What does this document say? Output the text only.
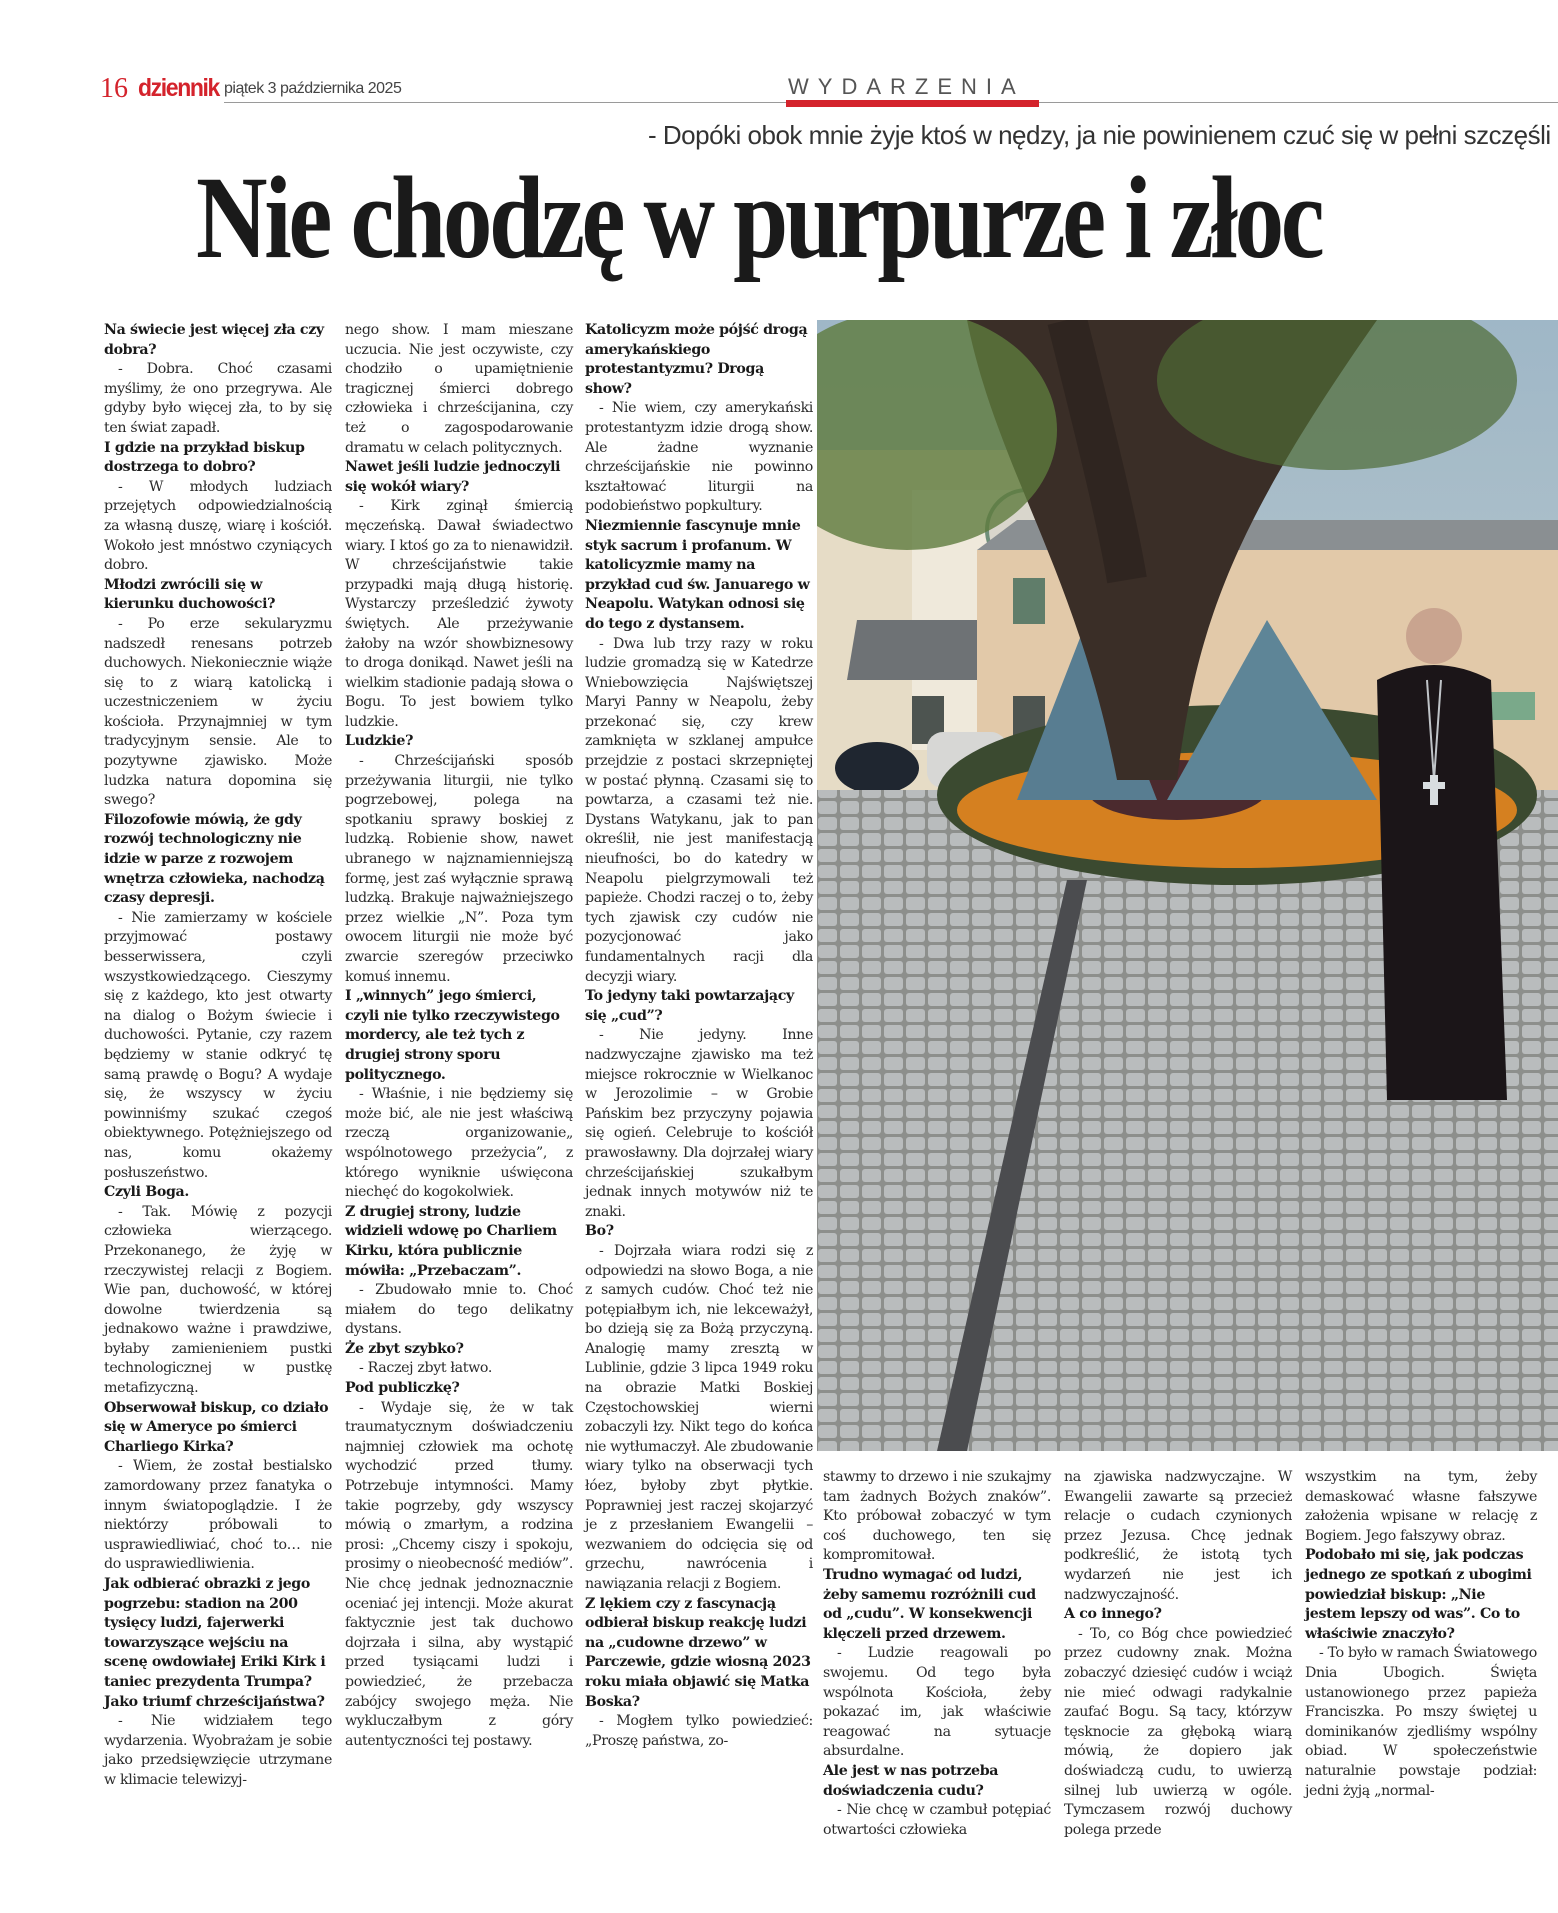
16 dziennik piątek 3 października 2025	WYDARZENIA
- Dopóki obok mnie żyje ktoś w nędzy, ja nie powinienem czuć się w pełni szczęśli
Nie chodzę w purpurze i złoc

Na świecie jest więcej zła czy dobra?

- Dobra. Choć czasami myślimy, że ono przegrywa. Ale gdyby było więcej zła, to by się ten świat zapadł.

I gdzie na przykład biskup dostrzega to dobro?

- W młodych ludziach przejętych odpowiedzialnością za własną duszę, wiarę i kościół. Wokoło jest mnóstwo czyniących dobro.

Młodzi zwrócili się w kierunku duchowości?

- Po erze sekularyzmu nadszedł renesans potrzeb duchowych. Niekoniecznie wiąże się to z wiarą katolicką i uczestniczeniem w życiu kościoła. Przynajmniej w tym tradycyjnym sensie. Ale to pozytywne zjawisko. Może ludzka natura dopomina się swego?

Filozofowie mówią, że gdy rozwój technologiczny nie idzie w parze z rozwojem wnętrza człowieka, nachodzą czasy depresji.

- Nie zamierzamy w kościele przyjmować postawy besserwissera, czyli wszystkowiedzącego. Cieszymy się z każdego, kto jest otwarty na dialog o Bożym świecie i duchowości. Pytanie, czy razem będziemy w stanie odkryć tę samą prawdę o Bogu? A wydaje się, że wszyscy w życiu powinniśmy szukać czegoś obiektywnego. Potężniejszego od nas, komu okażemy posłuszeństwo.

Czyli Boga.

- Tak. Mówię z pozycji człowieka wierzącego. Przekonanego, że żyję w rzeczywistej relacji z Bogiem. Wie pan, duchowość, w której dowolne twierdzenia są jednakowo ważne i prawdziwe, byłaby zamienieniem pustki technologicznej w pustkę metafizyczną.

Obserwował biskup, co działo się w Ameryce po śmierci Charliego Kirka?

- Wiem, że został bestialsko zamordowany przez fanatyka o innym światopoglądzie. I że niektórzy próbowali to usprawiedliwiać, choć to… nie do usprawiedliwienia.

Jak odbierać obrazki z jego pogrzebu: stadion na 200 tysięcy ludzi, fajerwerki towarzyszące wejściu na scenę owdowiałej Eriki Kirk i taniec prezydenta Trumpa? Jako triumf chrześcijaństwa?

- Nie widziałem tego wydarzenia. Wyobrażam je sobie jako przedsięwzięcie utrzymane w klimacie telewizyj-

nego show. I mam mieszane uczucia. Nie jest oczywiste, czy chodziło o upamiętnienie tragicznej śmierci dobrego człowieka i chrześcijanina, czy też o zagospodarowanie dramatu w celach politycznych.

Nawet jeśli ludzie jednoczyli się wokół wiary?

- Kirk zginął śmiercią męczeńską. Dawał świadectwo wiary. I ktoś go za to nienawidził. W chrześcijaństwie takie przypadki mają długą historię. Wystarczy prześledzić żywoty świętych. Ale przeżywanie żałoby na wzór showbiznesowy to droga donikąd. Nawet jeśli na wielkim stadionie padają słowa o Bogu. To jest bowiem tylko ludzkie.

Ludzkie?

- Chrześcijański sposób przeżywania liturgii, nie tylko pogrzebowej, polega na spotkaniu sprawy boskiej z ludzką. Robienie show, nawet ubranego w najznamienniejszą formę, jest zaś wyłącznie sprawą ludzką. Brakuje najważniejszego przez wielkie „N”. Poza tym owocem liturgii nie może być zwarcie szeregów przeciwko komuś innemu.

I „winnych” jego śmierci, czyli nie tylko rzeczywistego mordercy, ale też tych z drugiej strony sporu politycznego.

- Właśnie, i nie będziemy się może bić, ale nie jest właściwą rzeczą organizowanie„ wspólnotowego przeżycia”, z którego wyniknie uświęcona niechęć do kogokolwiek.

Z drugiej strony, ludzie widzieli wdowę po Charliem Kirku, która publicznie mówiła: „Przebaczam”.

- Zbudowało mnie to. Choć miałem do tego delikatny dystans.

Że zbyt szybko?

- Raczej zbyt łatwo.

Pod publiczkę?

- Wydaje się, że w tak traumatycznym doświadczeniu najmniej człowiek ma ochotę wychodzić przed tłumy. Potrzebuje intymności. Mamy takie pogrzeby, gdy wszyscy mówią o zmarłym, a rodzina prosi: „Chcemy ciszy i spokoju, prosimy o nieobecność mediów”. Nie chcę jednak jednoznacznie oceniać jej intencji. Może akurat faktycznie jest tak duchowo dojrzała i silna, aby wystąpić przed tysiącami ludzi i powiedzieć, że przebacza zabójcy swojego męża. Nie wykluczałbym z góry autentyczności tej postawy.

Katolicyzm może pójść drogą amerykańskiego protestantyzmu? Drogą show?

- Nie wiem, czy amerykański protestantyzm idzie drogą show. Ale żadne wyznanie chrześcijańskie nie powinno kształtować liturgii na podobieństwo popkultury.

Niezmiennie fascynuje mnie styk sacrum i profanum. W katolicyzmie mamy na przykład cud św. Januarego w Neapolu. Watykan odnosi się do tego z dystansem.

- Dwa lub trzy razy w roku ludzie gromadzą się w Katedrze Wniebowzięcia Najświętszej Maryi Panny w Neapolu, żeby przekonać się, czy krew zamknięta w szklanej ampułce przejdzie z postaci skrzepniętej w postać płynną. Czasami się to powtarza, a czasami też nie. Dystans Watykanu, jak to pan określił, nie jest manifestacją nieufności, bo do katedry w Neapolu pielgrzymowali też papieże. Chodzi raczej o to, żeby tych zjawisk czy cudów nie pozycjonować jako fundamentalnych racji dla decyzji wiary.

To jedyny taki powtarzający się „cud”?

- Nie jedyny. Inne nadzwyczajne zjawisko ma też miejsce rokrocznie w Wielkanoc w Jerozolimie – w Grobie Pańskim bez przyczyny pojawia się ogień. Celebruje to kościół prawosławny. Dla dojrzałej wiary chrześcijańskiej szukałbym jednak innych motywów niż te znaki.

Bo?

- Dojrzała wiara rodzi się z odpowiedzi na słowo Boga, a nie z samych cudów. Choć też nie potępiałbym ich, nie lekceważył, bo dzieją się za Bożą przyczyną. Analogię mamy zresztą w Lublinie, gdzie 3 lipca 1949 roku na obrazie Matki Boskiej Częstochowskiej wierni zobaczyli łzy. Nikt tego do końca nie wytłumaczył. Ale zbudowanie wiary tylko na obserwacji tych łóez, byłoby zbyt płytkie. Poprawniej jest raczej skojarzyć je z przesłaniem Ewangelii – wezwaniem do odcięcia się od grzechu, nawrócenia i nawiązania relacji z Bogiem.

Z lękiem czy z fascynacją odbierał biskup reakcję ludzi na „cudowne drzewo” w Parczewie, gdzie wiosną 2023 roku miała objawić się Matka Boska?

- Mogłem tylko powiedzieć: „Proszę państwa, zo-

stawmy to drzewo i nie szukajmy tam żadnych Bożych znaków”. Kto próbował zobaczyć w tym coś duchowego, ten się kompromitował.

Trudno wymagać od ludzi, żeby samemu rozróżnili cud od „cudu”. W konsekwencji klęczeli przed drzewem.

- Ludzie reagowali po swojemu. Od tego była wspólnota Kościoła, żeby pokazać im, jak właściwie reagować na sytuacje absurdalne.

Ale jest w nas potrzeba doświadczenia cudu?

- Nie chcę w czambuł potępiać otwartości człowieka

na zjawiska nadzwyczajne. W Ewangelii zawarte są przecież relacje o cudach czynionych przez Jezusa. Chcę jednak podkreślić, że istotą tych wydarzeń nie jest ich nadzwyczajność.

A co innego?

- To, co Bóg chce powiedzieć przez cudowny znak. Można zobaczyć dziesięć cudów i wciąż nie mieć odwagi radykalnie zaufać Bogu. Są tacy, którzyw tęsknocie za głęboką wiarą mówią, że dopiero jak doświadczą cudu, to uwierzą silnej lub uwierzą w ogóle. Tymczasem rozwój duchowy polega przede

wszystkim na tym, żeby demaskować własne fałszywe założenia wpisane w relację z Bogiem. Jego fałszywy obraz.

Podobało mi się, jak podczas jednego ze spotkań z ubogimi powiedział biskup: „Nie jestem lepszy od was”. Co to właściwie znaczyło?

- To było w ramach Światowego Dnia Ubogich. Święta ustanowionego przez papieża Franciszka. Po mszy świętej u dominikanów zjedliśmy wspólny obiad. W społeczeństwie naturalnie powstaje podział: jedni żyją „normal-
